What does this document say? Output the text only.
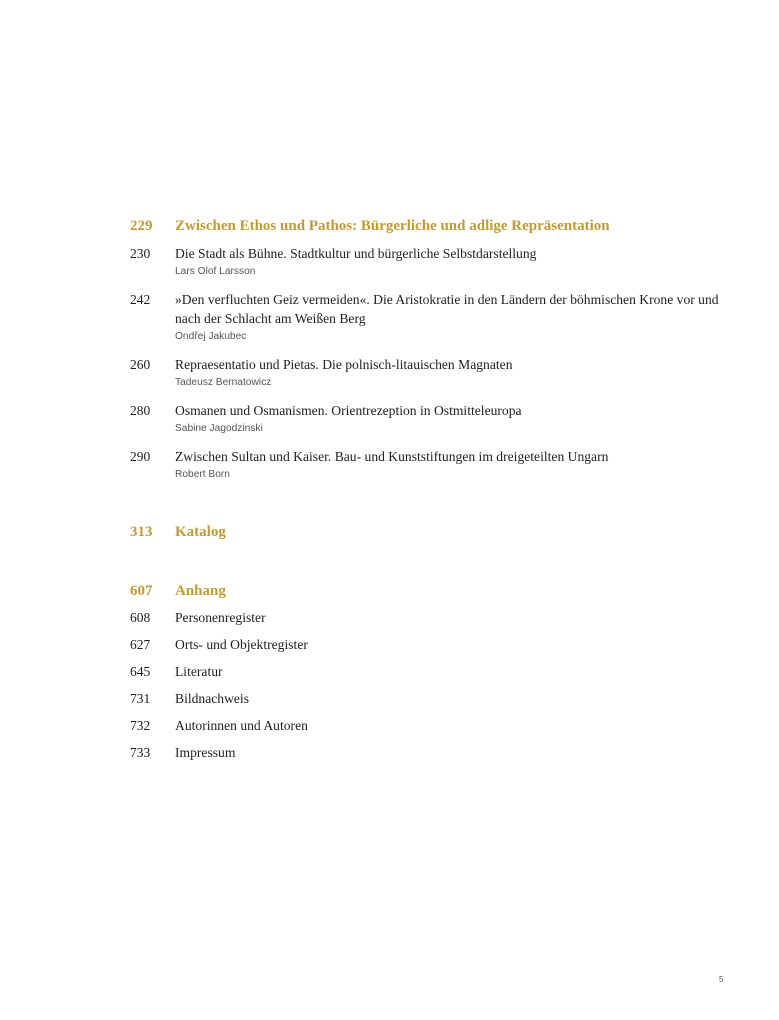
229	Zwischen Ethos und Pathos: Bürgerliche und adlige Repräsentation
230	Die Stadt als Bühne. Stadtkultur und bürgerliche Selbstdarstellung
Lars Olof Larsson
242	»Den verfluchten Geiz vermeiden«. Die Aristokratie in den Ländern der böhmischen Krone vor und nach der Schlacht am Weißen Berg
Ondřej Jakubec
260	Repraesentatio und Pietas. Die polnisch-litauischen Magnaten
Tadeusz Bernatowicz
280	Osmanen und Osmanismen. Orientrezeption in Ostmitteleuropa
Sabine Jagodzinski
290	Zwischen Sultan und Kaiser. Bau- und Kunststiftungen im dreigeteilten Ungarn
Robert Born
313	Katalog
607	Anhang
608	Personenregister
627	Orts- und Objektregister
645	Literatur
731	Bildnachweis
732	Autorinnen und Autoren
733	Impressum
5
